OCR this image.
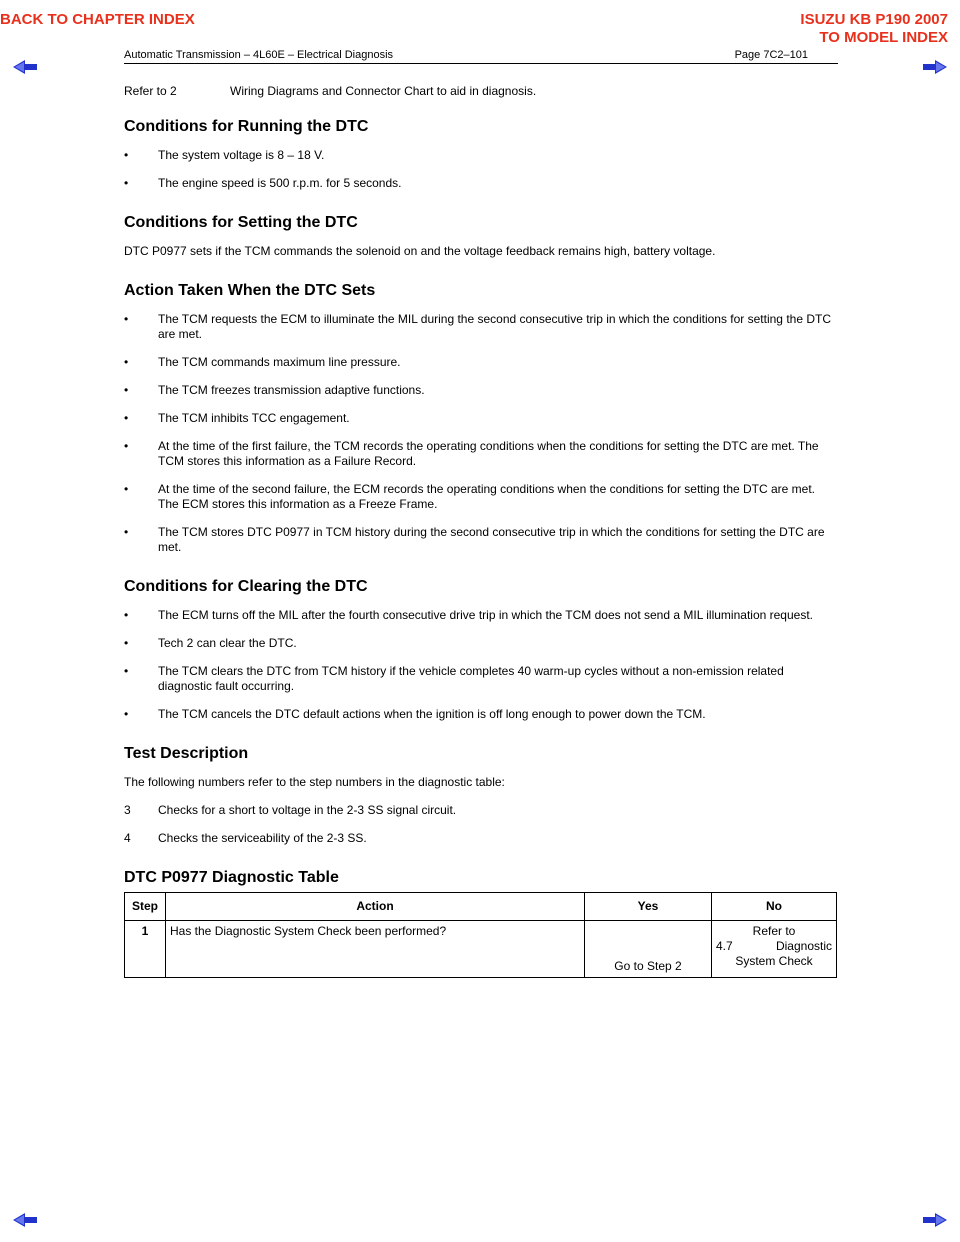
BACK TO CHAPTER INDEX	ISUZU KB P190 2007
TO MODEL INDEX
Automatic Transmission – 4L60E – Electrical Diagnosis	Page 7C2–101
Refer to 2	Wiring Diagrams and Connector Chart to aid in diagnosis.
Conditions for Running the DTC
• The system voltage is 8 – 18 V.
• The engine speed is 500 r.p.m. for 5 seconds.
Conditions for Setting the DTC

DTC P0977 sets if the TCM commands the solenoid on and the voltage feedback remains high, battery voltage.

Action Taken When the DTC Sets
• The TCM requests the ECM to illuminate the MIL during the second consecutive trip in which the conditions for setting the DTC are met.
• The TCM commands maximum line pressure.
• The TCM freezes transmission adaptive functions.
• The TCM inhibits TCC engagement.
• At the time of the first failure, the TCM records the operating conditions when the conditions for setting the DTC are met. The TCM stores this information as a Failure Record.
• At the time of the second failure, the ECM records the operating conditions when the conditions for setting the DTC are met. The ECM stores this information as a Freeze Frame.
• The TCM stores DTC P0977 in TCM history during the second consecutive trip in which the conditions for setting the DTC are met.
Conditions for Clearing the DTC
• The ECM turns off the MIL after the fourth consecutive drive trip in which the TCM does not send a MIL illumination request.
• Tech 2 can clear the DTC.
• The TCM clears the DTC from TCM history if the vehicle completes 40 warm-up cycles without a non-emission related diagnostic fault occurring.
• The TCM cancels the DTC default actions when the ignition is off long enough to power down the TCM.
Test Description

The following numbers refer to the step numbers in the diagnostic table:

3 Checks for a short to voltage in the 2-3 SS signal circuit.
4 Checks the serviceability of the 2-3 SS.
DTC P0977 Diagnostic Table
Step	Action	Yes	No
1	Has the Diagnostic System Check been performed?	Go to Step 2	Refer to
4.7 Diagnostic
System Check
